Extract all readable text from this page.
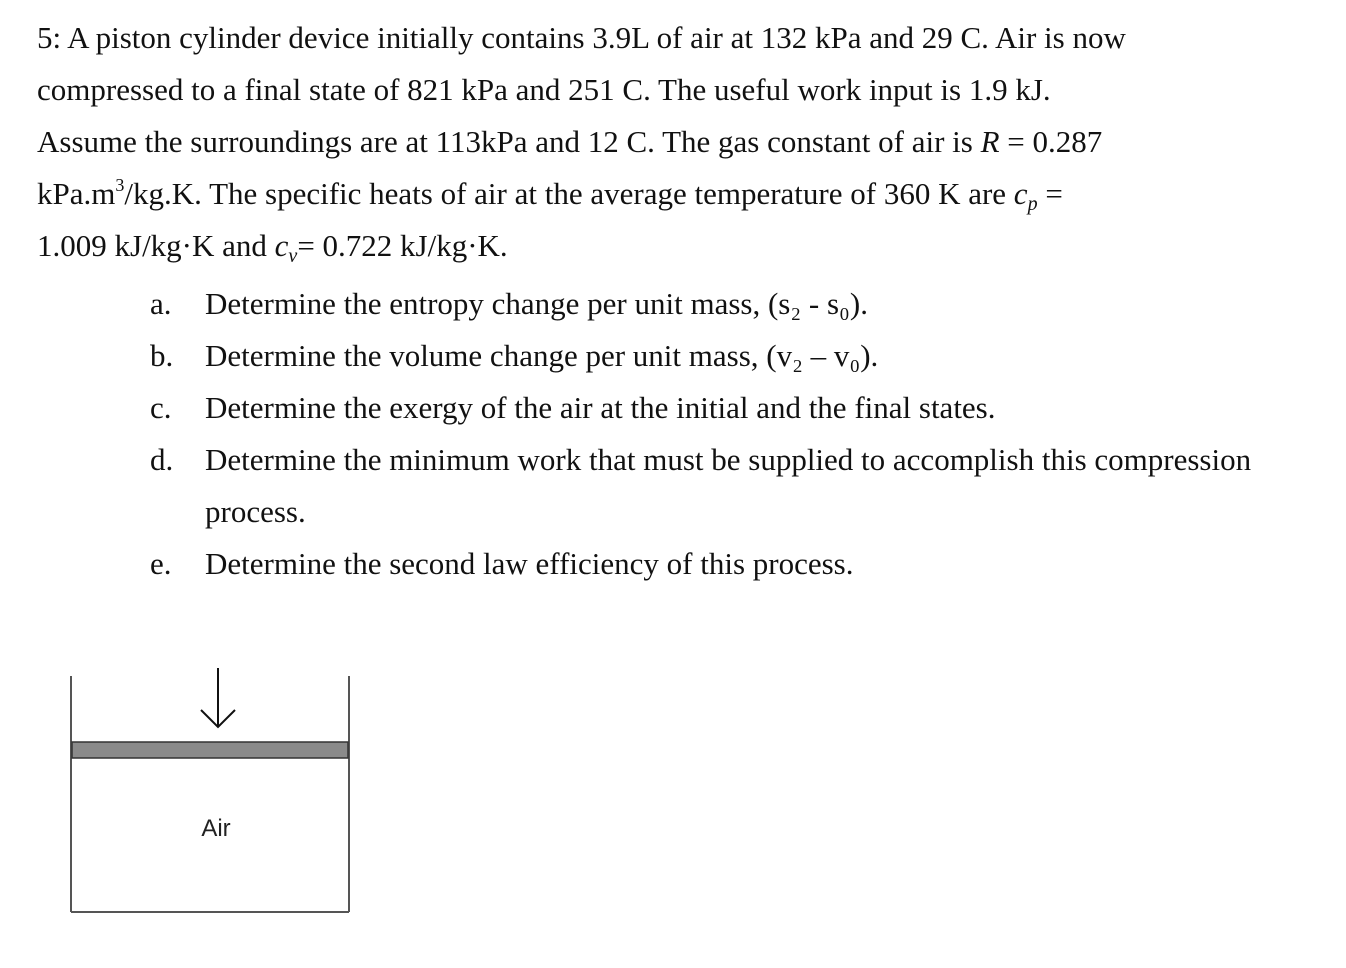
5: A piston cylinder device initially contains 3.9L of air at 132 kPa and 29 C. Air is now
compressed to a final state of 821 kPa and 251 C. The useful work input is 1.9 kJ.
Assume the surroundings are at 113kPa and 12 C. The gas constant of air is R = 0.287
$kPa.m^3/kg.K$. The specific heats of air at the average temperature of 360 K are $c_p$ =
1.009 kJ/kg·K and $c_v= 0.722$ kJ/kg·K.
a. Determine the entropy change per unit mass, (s₂ - s₀).
b. Determine the volume change per unit mass, (v₂ – v₀).
c. Determine the exergy of the air at the initial and the final states.
d. Determine the minimum work that must be supplied to accomplish this compression process.
e. Determine the second law efficiency of this process.
Air
